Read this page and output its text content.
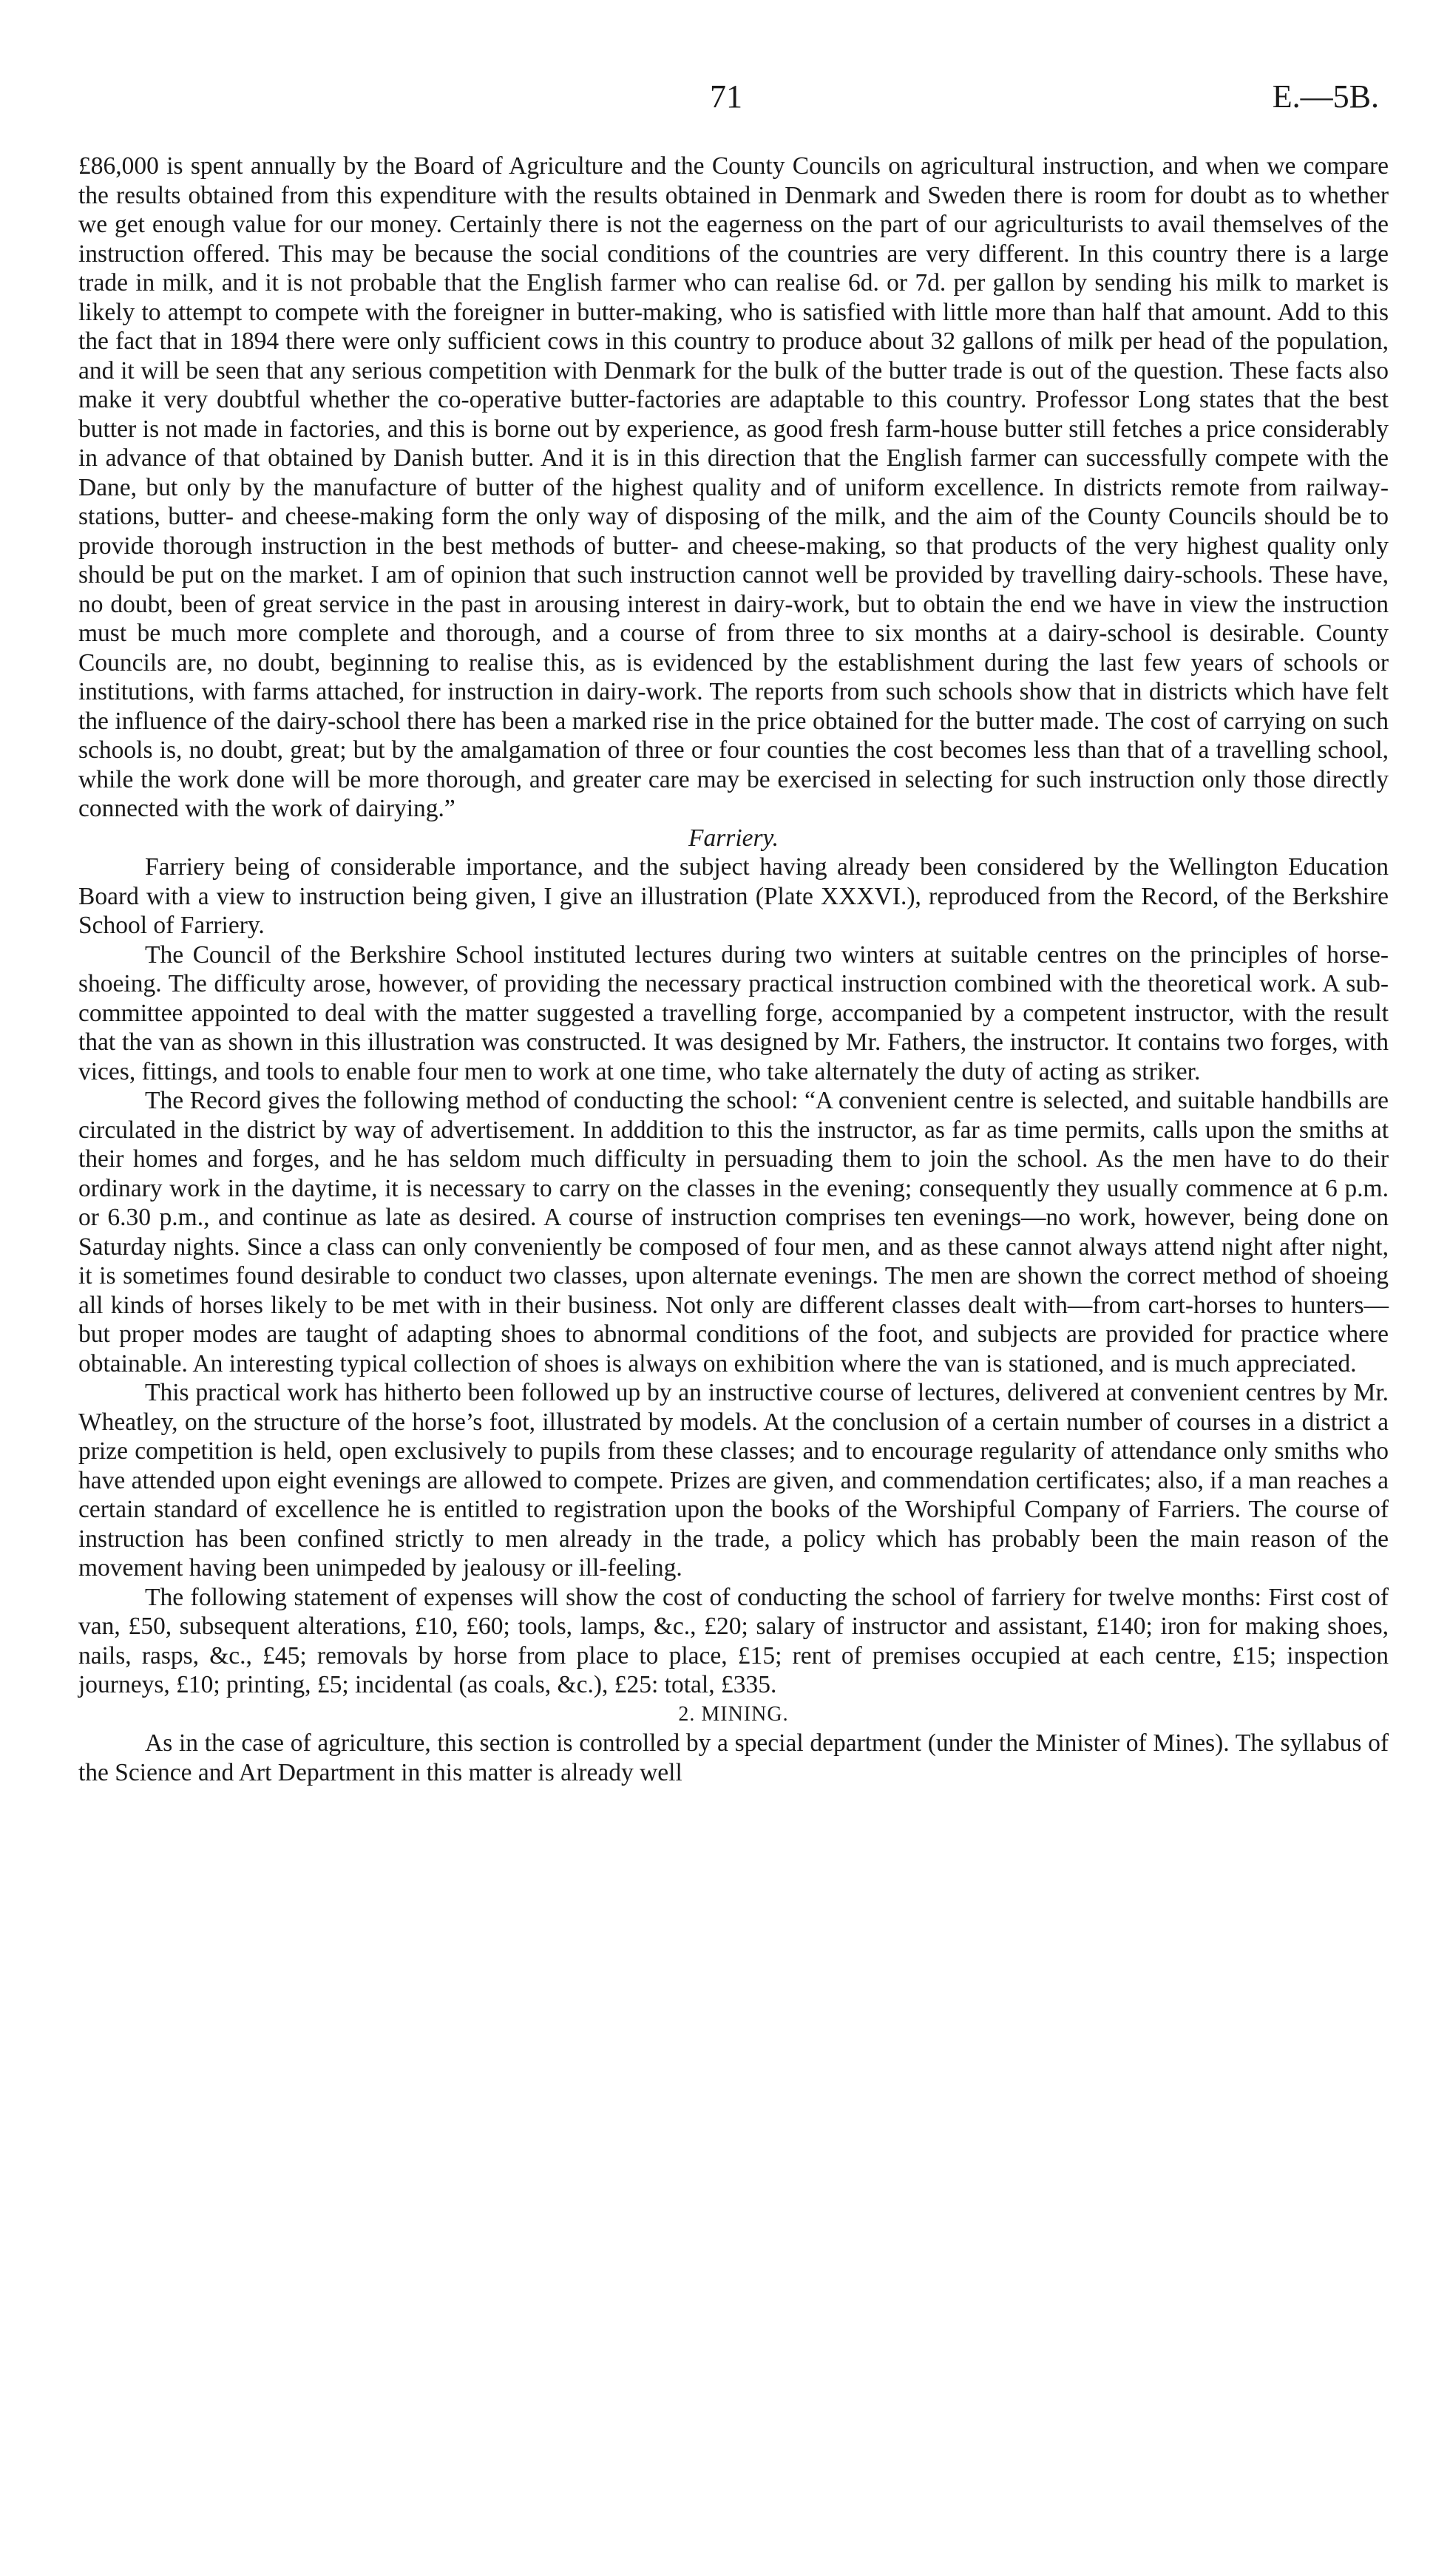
71	E.—5B.

£86,000 is spent annually by the Board of Agriculture and the County Councils on agricultural instruction, and when we compare the results obtained from this expenditure with the results obtained in Denmark and Sweden there is room for doubt as to whether we get enough value for our money. Certainly there is not the eagerness on the part of our agriculturists to avail themselves of the instruction offered. This may be because the social conditions of the countries are very different. In this country there is a large trade in milk, and it is not probable that the English farmer who can realise 6d. or 7d. per gallon by sending his milk to market is likely to attempt to compete with the foreigner in butter-making, who is satisfied with little more than half that amount. Add to this the fact that in 1894 there were only sufficient cows in this country to produce about 32 gallons of milk per head of the population, and it will be seen that any serious competition with Denmark for the bulk of the butter trade is out of the question. These facts also make it very doubtful whether the co-operative butter-factories are adaptable to this country. Professor Long states that the best butter is not made in factories, and this is borne out by experience, as good fresh farm-house butter still fetches a price considerably in advance of that obtained by Danish butter. And it is in this direction that the English farmer can successfully compete with the Dane, but only by the manufacture of butter of the highest quality and of uniform excellence. In districts remote from railway-stations, butter- and cheese-making form the only way of disposing of the milk, and the aim of the County Councils should be to provide thorough instruction in the best methods of butter- and cheese-making, so that products of the very highest quality only should be put on the market. I am of opinion that such instruction cannot well be provided by travelling dairy-schools. These have, no doubt, been of great service in the past in arousing interest in dairy-work, but to obtain the end we have in view the instruction must be much more complete and thorough, and a course of from three to six months at a dairy-school is desirable. County Councils are, no doubt, beginning to realise this, as is evidenced by the establishment during the last few years of schools or institutions, with farms attached, for instruction in dairy-work. The reports from such schools show that in districts which have felt the influence of the dairy-school there has been a marked rise in the price obtained for the butter made. The cost of carrying on such schools is, no doubt, great; but by the amalgamation of three or four counties the cost becomes less than that of a travelling school, while the work done will be more thorough, and greater care may be exercised in selecting for such instruction only those directly connected with the work of dairying.”

Farriery.

Farriery being of considerable importance, and the subject having already been considered by the Wellington Education Board with a view to instruction being given, I give an illustration (Plate XXXVI.), reproduced from the Record, of the Berkshire School of Farriery.

The Council of the Berkshire School instituted lectures during two winters at suitable centres on the principles of horse-shoeing. The difficulty arose, however, of providing the necessary practical instruction combined with the theoretical work. A sub-committee appointed to deal with the matter suggested a travelling forge, accompanied by a competent instructor, with the result that the van as shown in this illustration was constructed. It was designed by Mr. Fathers, the instructor. It contains two forges, with vices, fittings, and tools to enable four men to work at one time, who take alternately the duty of acting as striker.

The Record gives the following method of conducting the school: “A convenient centre is selected, and suitable handbills are circulated in the district by way of advertisement. In adddition to this the instructor, as far as time permits, calls upon the smiths at their homes and forges, and he has seldom much difficulty in persuading them to join the school. As the men have to do their ordinary work in the daytime, it is necessary to carry on the classes in the evening; consequently they usually commence at 6 p.m. or 6.30 p.m., and continue as late as desired. A course of instruction comprises ten evenings—no work, however, being done on Saturday nights. Since a class can only conveniently be composed of four men, and as these cannot always attend night after night, it is sometimes found desirable to conduct two classes, upon alternate evenings. The men are shown the correct method of shoeing all kinds of horses likely to be met with in their business. Not only are different classes dealt with—from cart-horses to hunters—but proper modes are taught of adapting shoes to abnormal conditions of the foot, and subjects are provided for practice where obtainable. An interesting typical collection of shoes is always on exhibition where the van is stationed, and is much appreciated.

This practical work has hitherto been followed up by an instructive course of lectures, delivered at convenient centres by Mr. Wheatley, on the structure of the horse’s foot, illustrated by models. At the conclusion of a certain number of courses in a district a prize competition is held, open exclusively to pupils from these classes; and to encourage regularity of attendance only smiths who have attended upon eight evenings are allowed to compete. Prizes are given, and commendation certificates; also, if a man reaches a certain standard of excellence he is entitled to registration upon the books of the Worshipful Company of Farriers. The course of instruction has been confined strictly to men already in the trade, a policy which has probably been the main reason of the movement having been unimpeded by jealousy or ill-feeling.

The following statement of expenses will show the cost of conducting the school of farriery for twelve months: First cost of van, £50, subsequent alterations, £10, £60; tools, lamps, &c., £20; salary of instructor and assistant, £140; iron for making shoes, nails, rasps, &c., £45; removals by horse from place to place, £15; rent of premises occupied at each centre, £15; inspection journeys, £10; printing, £5; incidental (as coals, &c.), £25: total, £335.

2. MINING.

As in the case of agriculture, this section is controlled by a special department (under the Minister of Mines). The syllabus of the Science and Art Department in this matter is already well
